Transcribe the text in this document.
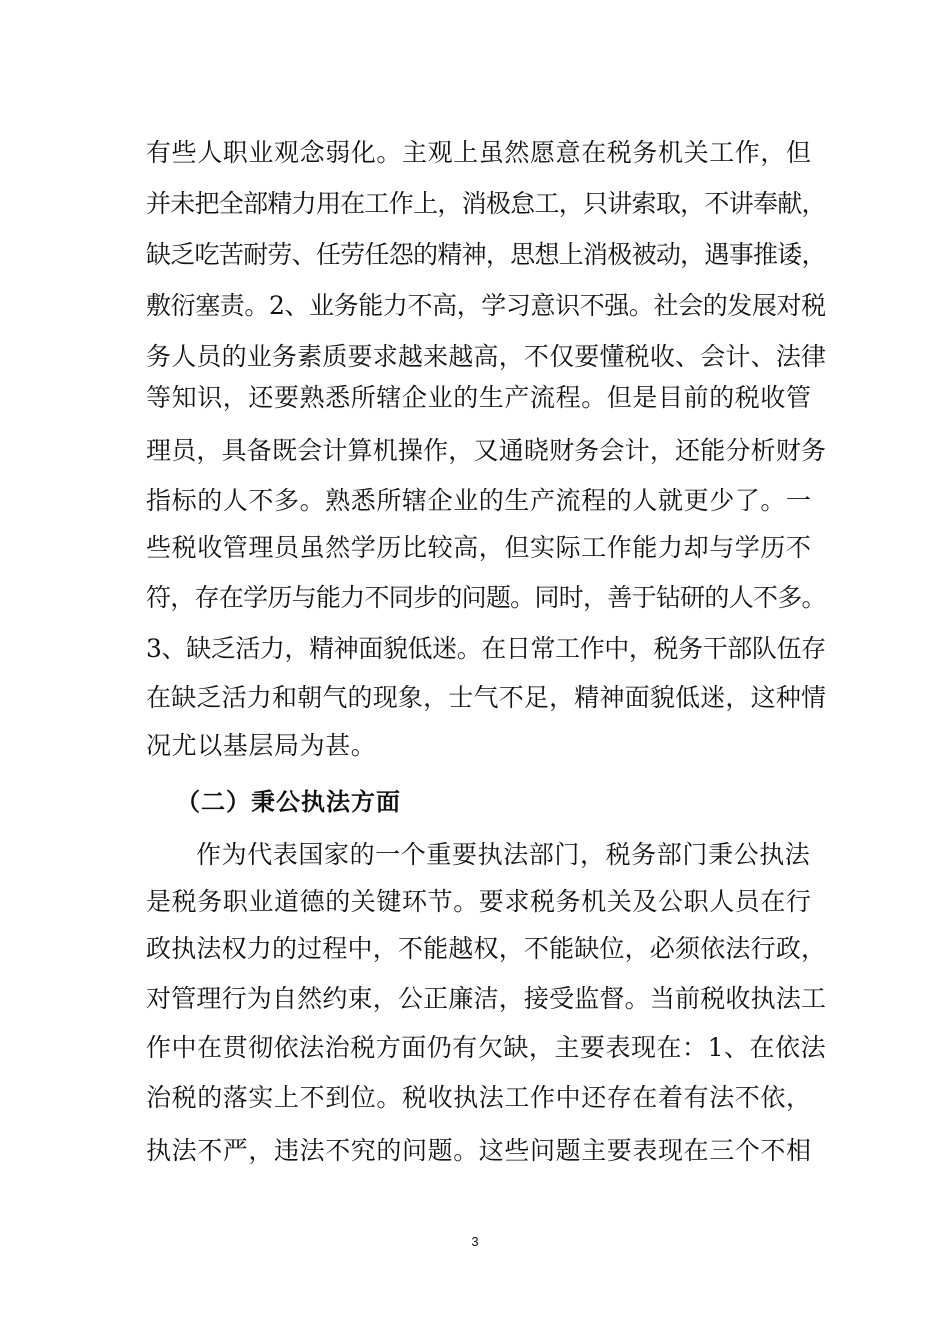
有些人职业观念弱化。主观上虽然愿意在税务机关工作，但
并未把全部精力用在工作上，消极怠工，只讲索取，不讲奉献，
缺乏吃苦耐劳、任劳任怨的精神，思想上消极被动，遇事推诿，
敷衍塞责。2、业务能力不高，学习意识不强。社会的发展对税
务人员的业务素质要求越来越高，不仅要懂税收、会计、法律
等知识，还要熟悉所辖企业的生产流程。但是目前的税收管
理员，具备既会计算机操作，又通晓财务会计，还能分析财务
指标的人不多。熟悉所辖企业的生产流程的人就更少了。一
些税收管理员虽然学历比较高，但实际工作能力却与学历不
符，存在学历与能力不同步的问题。同时，善于钻研的人不多。
3、缺乏活力，精神面貌低迷。在日常工作中，税务干部队伍存
在缺乏活力和朝气的现象，士气不足，精神面貌低迷，这种情
况尤以基层局为甚。
（二）秉公执法方面
作为代表国家的一个重要执法部门，税务部门秉公执法
是税务职业道德的关键环节。要求税务机关及公职人员在行
政执法权力的过程中，不能越权，不能缺位，必须依法行政，
对管理行为自然约束，公正廉洁，接受监督。当前税收执法工
作中在贯彻依法治税方面仍有欠缺，主要表现在：1、在依法
治税的落实上不到位。税收执法工作中还存在着有法不依，
执法不严，违法不究的问题。这些问题主要表现在三个不相
3
